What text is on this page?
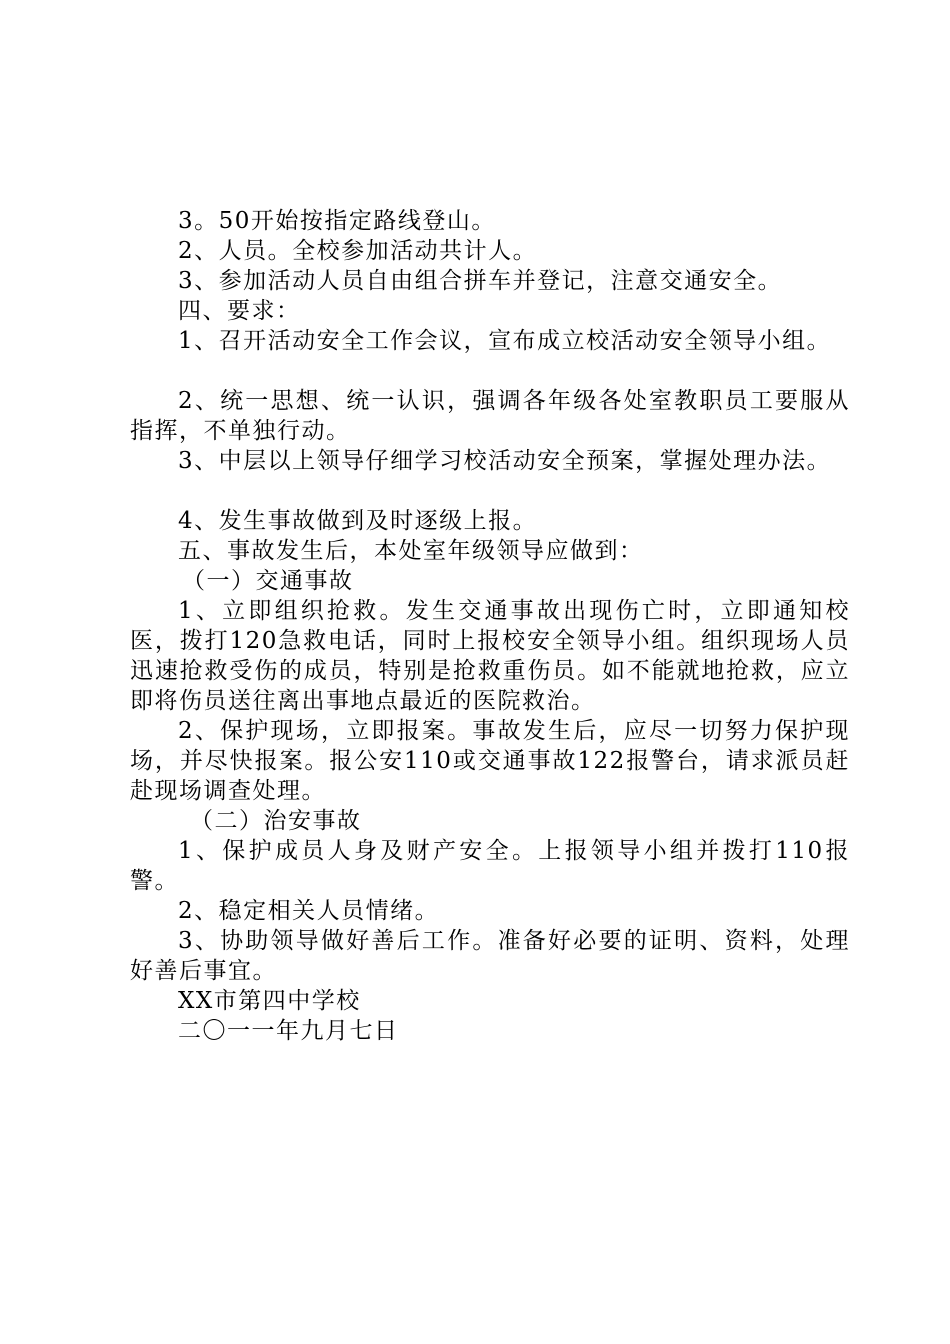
3。50开始按指定路线登山。

2、人员。全校参加活动共计人。

3、参加活动人员自由组合拼车并登记，注意交通安全。

四、要求：

1、召开活动安全工作会议，宣布成立校活动安全领导小组。

2、统一思想、统一认识，强调各年级各处室教职员工要服从指挥，不单独行动。

3、中层以上领导仔细学习校活动安全预案，掌握处理办法。

4、发生事故做到及时逐级上报。

五、事故发生后，本处室年级领导应做到：

（一）交通事故

1、立即组织抢救。发生交通事故出现伤亡时，立即通知校医，拨打120急救电话，同时上报校安全领导小组。组织现场人员迅速抢救受伤的成员，特别是抢救重伤员。如不能就地抢救，应立即将伤员送往离出事地点最近的医院救治。

2、保护现场，立即报案。事故发生后，应尽一切努力保护现场，并尽快报案。报公安110或交通事故122报警台，请求派员赶赴现场调查处理。

（二）治安事故

1、保护成员人身及财产安全。上报领导小组并拨打110报警。

2、稳定相关人员情绪。

3、协助领导做好善后工作。准备好必要的证明、资料，处理好善后事宜。

XX市第四中学校

二〇一一年九月七日
